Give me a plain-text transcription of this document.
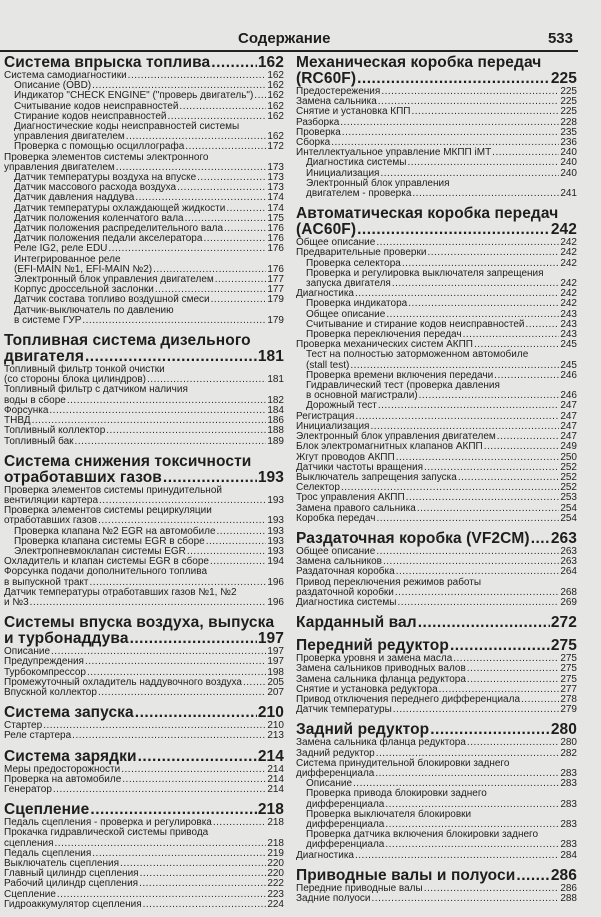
Содержание	533
Система впрыска топлива .....	162
Система самодиагностики .....	162
Описание (OBD) .....	162
Индикатор "CHECK ENGINE" ("проверь двигатель") ..... 162
Считывание кодов неисправностей .....	162
Стирание кодов неисправностей .....	162
Диагностические коды неисправностей системы
управления двигателем .....	162
Проверка с помощью осциллографа .....	172
Проверка элементов системы электронного
управления двигателем .....	173
Датчик температуры воздуха на впуске .....	173
Датчик массового расхода воздуха .....	173
Датчик давления наддува .....	174
Датчик температуры охлаждающей жидкости .....	174
Датчик положения коленчатого вала .....	175
Датчик положения распределительного вала .....	176
Датчик положения педали акселератора .....	176
Реле IG2, реле EDU .....	176
Интегрированное реле
(EFI-MAIN №1, EFI-MAIN №2) .....	176
Электронный блок управления двигателем .....	177
Корпус дроссельной заслонки .....	177
Датчик состава топливо воздушной смеси .....	179
Датчик-выключатель по давлению
в системе ГУР .....	179
Топливная система дизельного
двигателя .....	181
Топливный фильтр тонкой очистки
(со стороны блока цилиндров) .....	181
Топливный фильтр с датчиком наличия
воды в сборе .....	182
Форсунка .....	184
ТНВД .....	186
Топливный коллектор .....	188
Топливный бак .....	189
Система снижения токсичности
отработавших газов .....	193
Проверка элементов системы принудительной
вентиляции картера .....	193
Проверка элементов системы рециркуляции
отработавших газов .....	193
Проверка клапана №2 EGR на автомобиле .....	193
Проверка клапана системы EGR в сборе .....	193
Электропневмоклапан системы EGR .....	193
Охладитель и клапан системы EGR в сборе .....	194
Форсунка подачи дополнительного топлива
в выпускной тракт .....	196
Датчик температуры отработавших газов №1, №2
и №3 .....	196
Системы впуска воздуха, выпуска
и турбонаддува .....	197
Описание .....	197
Предупреждения .....	197
Турбокомпрессор .....	198
Промежуточный охладитель наддувочного воздуха .....	205
Впускной коллектор .....	207
Система запуска .....	210
Стартер .....	210
Реле стартера .....	213
Система зарядки .....	214
Меры предосторожности .....	214
Проверка на автомобиле .....	214
Генератор .....	214
Сцепление .....	218
Педаль сцепления - проверка и регулировка .....	218
Прокачка гидравлической системы привода
сцепления .....	218
Педаль сцепления .....	219
Выключатель сцепления .....	220
Главный цилиндр сцепления .....	220
Рабочий цилиндр сцепления .....	222
Сцепление .....	223
Гидроаккумулятор сцепления .....	224
Механическая коробка передач
(RC60F) .....	225
Предостережения .....	225
Замена сальника .....	225
Снятие и установка КПП .....	225
Разборка .....	228
Проверка .....	235
Сборка .....	236
Интеллектуальное управление МКПП iMT .....	240
Диагностика системы .....	240
Инициализация .....	240
Электронный блок управления
двигателем - проверка .....	241
Автоматическая коробка передач
(AC60F) .....	242
Общее описание .....	242
Предварительные проверки .....	242
Проверка селектора .....	242
Проверка и регулировка выключателя запрещения
запуска двигателя .....	242
Диагностика .....	242
Проверка индикатора .....	242
Общее описание .....	243
Считывание и стирание кодов неисправностей .....	243
Проверка переключения передач .....	243
Проверка механических систем АКПП .....	245
Тест на полностью заторможенном автомобиле
(stall test) .....	245
Проверка времени включения передачи .....	246
Гидравлический тест (проверка давления
в основной магистрали) .....	246
Дорожный тест .....	247
Регистрация .....	247
Инициализация .....	247
Электронный блок управления двигателем .....	247
Блок электромагнитных клапанов АКПП .....	249
Жгут проводов АКПП .....	250
Датчики частоты вращения .....	252
Выключатель запрещения запуска .....	252
Селектор .....	252
Трос управления АКПП .....	253
Замена правого сальника .....	254
Коробка передач .....	254
Раздаточная коробка (VF2CM) ..... 263
Общее описание .....	263
Замена сальников .....	263
Раздаточная коробка .....	264
Привод переключения режимов работы
раздаточной коробки .....	268
Диагностика системы .....	269
Карданный вал .....	272
Передний редуктор .....	275
Проверка уровня и замена масла .....	275
Замена сальников приводных валов .....	275
Замена сальника фланца редуктора .....	275
Снятие и установка редуктора .....	277
Привод отключения переднего дифференциала .....	278
Датчик температуры .....	279
Задний редуктор .....	280
Замена сальника фланца редуктора .....	280
Задний редуктор .....	282
Система принудительной блокировки заднего
дифференциала .....	283
Описание .....	283
Проверка привода блокировки заднего
дифференциала .....	283
Проверка выключателя блокировки
дифференциала .....	283
Проверка датчика включения блокировки заднего
дифференциала .....	283
Диагностика .....	284
Приводные валы и полуоси ..... 286
Передние приводные валы .....	286
Задние полуоси .....	288
